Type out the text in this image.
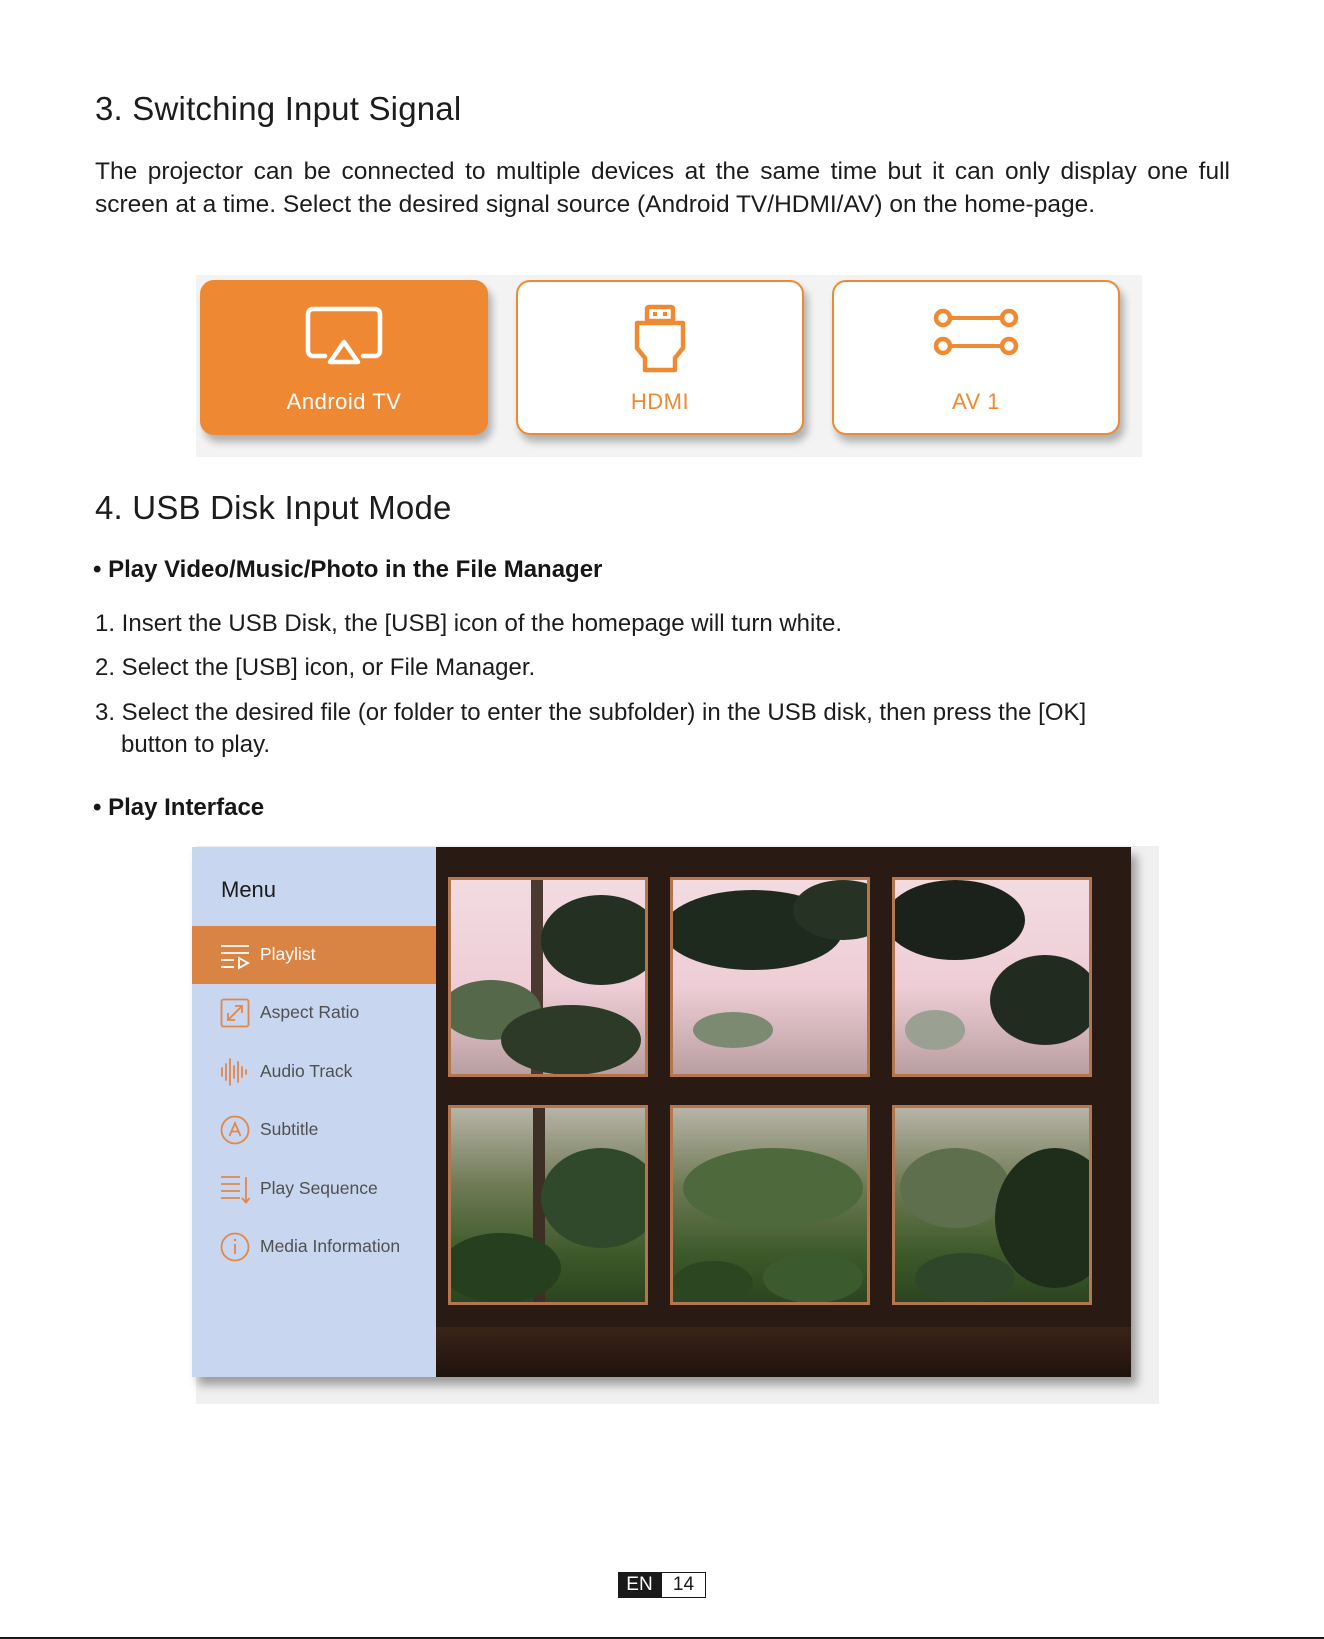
3. Switching Input Signal

The projector can be connected to multiple devices at the same time but it can only display one full screen at a time. Select the desired signal source (Android TV/HDMI/AV) on the home-page.

Android TV	HDMI	AV 1
4. USB Disk Input Mode
• Play Video/Music/Photo in the File Manager
1. Insert the USB Disk, the [USB] icon of the homepage will turn white.
2. Select the [USB] icon, or File Manager.
3. Select the desired file (or folder to enter the subfolder) in the USB disk, then press the [OK]
button to play.
• Play Interface
Menu
Playlist
Aspect Ratio
Audio Track
Subtitle
Play Sequence
Media Information
EN	14
